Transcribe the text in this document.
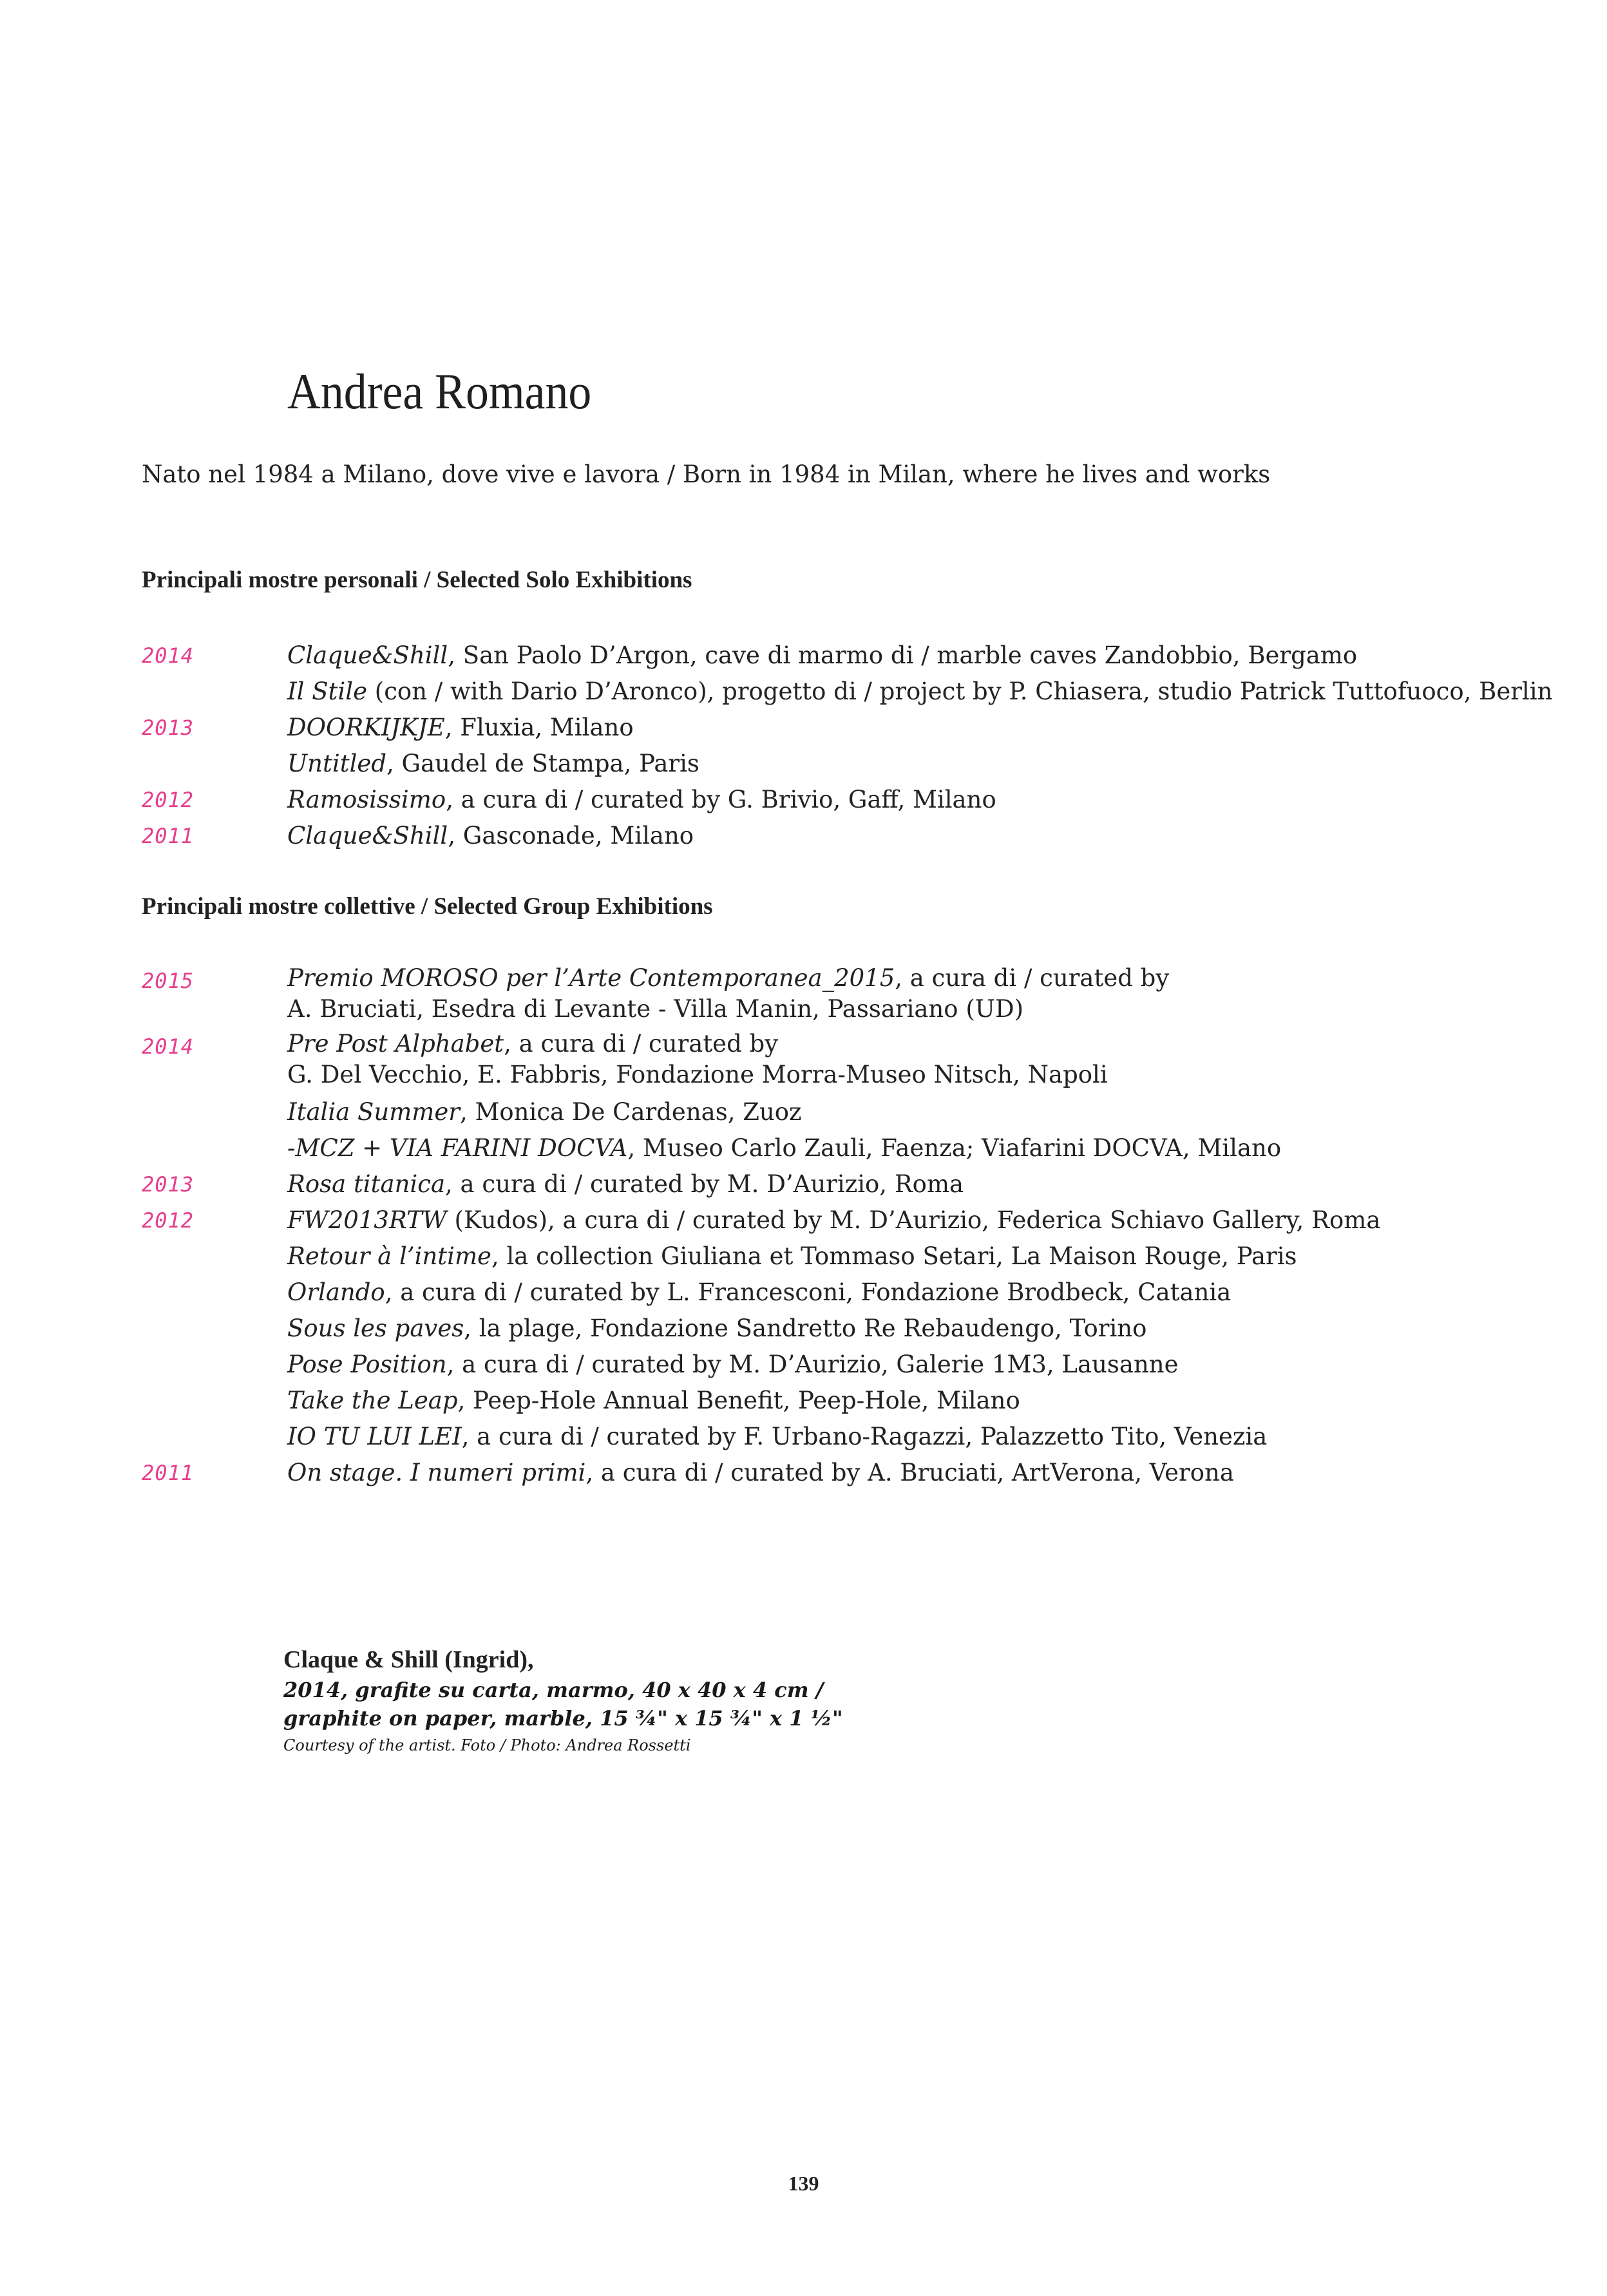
Andrea Romano
Nato nel 1984 a Milano, dove vive e lavora / Born in 1984 in Milan, where he lives and works
Principali mostre personali / Selected Solo Exhibitions
2014	Claque&Shill, San Paolo D’Argon, cave di marmo di / marble caves Zandobbio, Bergamo
Il Stile (con / with Dario D’Aronco), progetto di / project by P. Chiasera, studio Patrick Tuttofuoco, Berlin
2013	DOORKIJKJE, Fluxia, Milano
Untitled, Gaudel de Stampa, Paris
2012	Ramosissimo, a cura di / curated by G. Brivio, Gaff, Milano
2011	Claque&Shill, Gasconade, Milano
Principali mostre collettive / Selected Group Exhibitions
2015	Premio MOROSO per l’Arte Contemporanea_2015, a cura di / curated by
A. Bruciati, Esedra di Levante - Villa Manin, Passariano (UD)
2014	Pre Post Alphabet, a cura di / curated by
G. Del Vecchio, E. Fabbris, Fondazione Morra-Museo Nitsch, Napoli
Italia Summer, Monica De Cardenas, Zuoz
-MCZ + VIA FARINI DOCVA, Museo Carlo Zauli, Faenza; Viafarini DOCVA, Milano
2013	Rosa titanica, a cura di / curated by M. D’Aurizio, Roma
2012	FW2013RTW (Kudos), a cura di / curated by M. D’Aurizio, Federica Schiavo Gallery, Roma
Retour à l’intime, la collection Giuliana et Tommaso Setari, La Maison Rouge, Paris
Orlando, a cura di / curated by L. Francesconi, Fondazione Brodbeck, Catania
Sous les paves, la plage, Fondazione Sandretto Re Rebaudengo, Torino
Pose Position, a cura di / curated by M. D’Aurizio, Galerie 1M3, Lausanne
Take the Leap, Peep-Hole Annual Benefit, Peep-Hole, Milano
IO TU LUI LEI, a cura di / curated by F. Urbano-Ragazzi, Palazzetto Tito, Venezia
2011	On stage. I numeri primi, a cura di / curated by A. Bruciati, ArtVerona, Verona
Claque & Shill (Ingrid),
2014, grafite su carta, marmo, 40 x 40 x 4 cm /
graphite on paper, marble, 15 ¾" x 15 ¾" x 1 ½"
Courtesy of the artist. Foto / Photo: Andrea Rossetti
139
